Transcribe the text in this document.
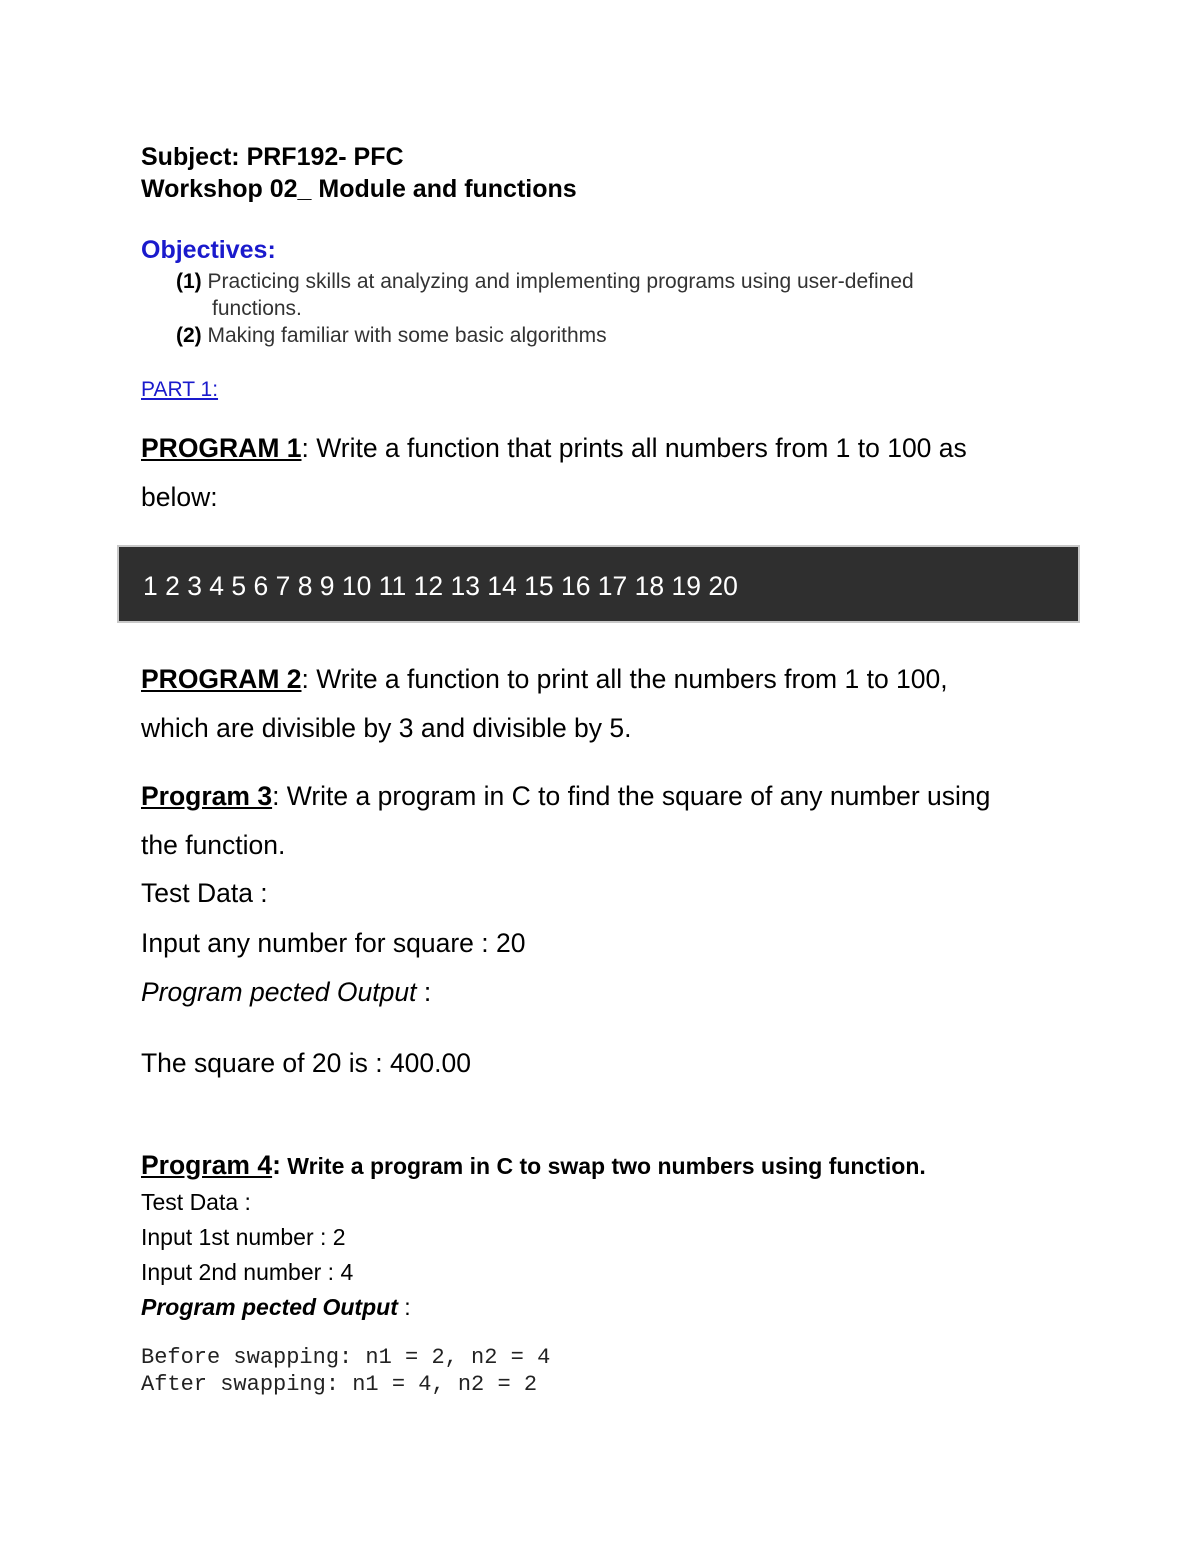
Subject: PRF192- PFC
Workshop 02_ Module and functions
Objectives:
(1) Practicing skills at analyzing and implementing programs using user-defined
functions.
(2) Making familiar with some basic algorithms
PART 1:
PROGRAM 1: Write a function that prints all numbers from 1 to 100 as
below:
1 2 3 4 5 6 7 8 9 10 11 12 13 14 15 16 17 18 19 20
PROGRAM 2: Write a function to print all the numbers from 1 to 100,
which are divisible by 3 and divisible by 5.
Program 3: Write a program in C to find the square of any number using
the function.
Test Data :
Input any number for square : 20
Program pected Output :
The square of 20 is : 400.00
Program 4: Write a program in C to swap two numbers using function.
Test Data :
Input 1st number : 2
Input 2nd number : 4
Program pected Output :
Before swapping: n1 = 2, n2 = 4
After swapping: n1 = 4, n2 = 2
